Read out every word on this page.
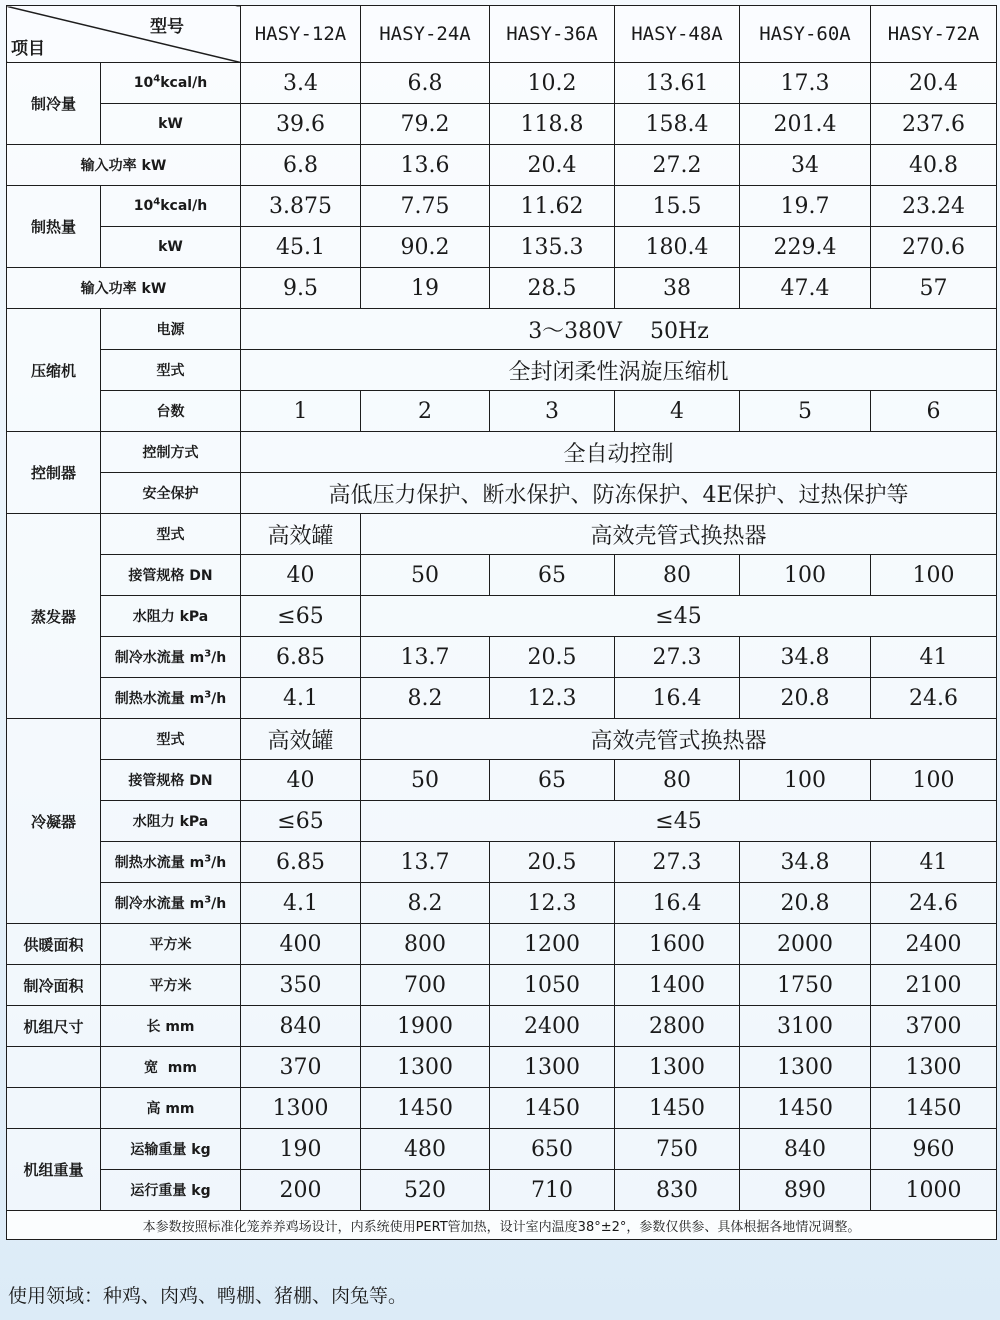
型号
项目		HASY-12A	HASY-24A	HASY-36A	HASY-48A	HASY-60A	HASY-72A
制冷量	$10^4kcal/h$	3.4	6.8	10.2	13.61	17.3	20.4
	kW	39.6	79.2	118.8	158.4	201.4	237.6
输入功率 kW		6.8	13.6	20.4	27.2	34	40.8
制热量	$10^4kcal/h$	3.875	7.75	11.62	15.5	19.7	23.24
	kW	45.1	90.2	135.3	180.4	229.4	270.6
输入功率 kW		9.5	19	28.5	38	47.4	57
压缩机	电源	3～380V    50Hz					
	型式	全封闭柔性涡旋压缩机					
	台数	1	2	3	4	5	6
控制器	控制方式	全自动控制					
	安全保护	高低压力保护、断水保护、防冻保护、4E保护、过热保护等					
蒸发器	型式	高效罐	高效壳管式换热器				
	接管规格 DN	40	50	65	80	100	100
	水阻力 kPa	≤65	≤45				
	制冷水流量 $m^3/h$	6.85	13.7	20.5	27.3	34.8	41
	制热水流量 $m^3/h$	4.1	8.2	12.3	16.4	20.8	24.6
冷凝器	型式	高效罐	高效壳管式换热器				
	接管规格 DN	40	50	65	80	100	100
	水阻力 kPa	≤65	≤45				
	制热水流量 $m^3/h$	6.85	13.7	20.5	27.3	34.8	41
	制冷水流量 $m^3/h$	4.1	8.2	12.3	16.4	20.8	24.6
供暖面积	平方米	400	800	1200	1600	2000	2400
制冷面积	平方米	350	700	1050	1400	1750	2100
机组尺寸	长 mm	840	1900	2400	2800	3100	3700
	宽  mm	370	1300	1300	1300	1300	1300
	高 mm	1300	1450	1450	1450	1450	1450
机组重量	运输重量 kg	190	480	650	750	840	960
	运行重量 kg	200	520	710	830	890	1000
本参数按照标准化笼养养鸡场设计，内系统使用PERT管加热，设计室内温度38°±2°，参数仅供参、具体根据各地情况调整。							
使用领域：种鸡、肉鸡、鸭棚、猪棚、肉兔等。
